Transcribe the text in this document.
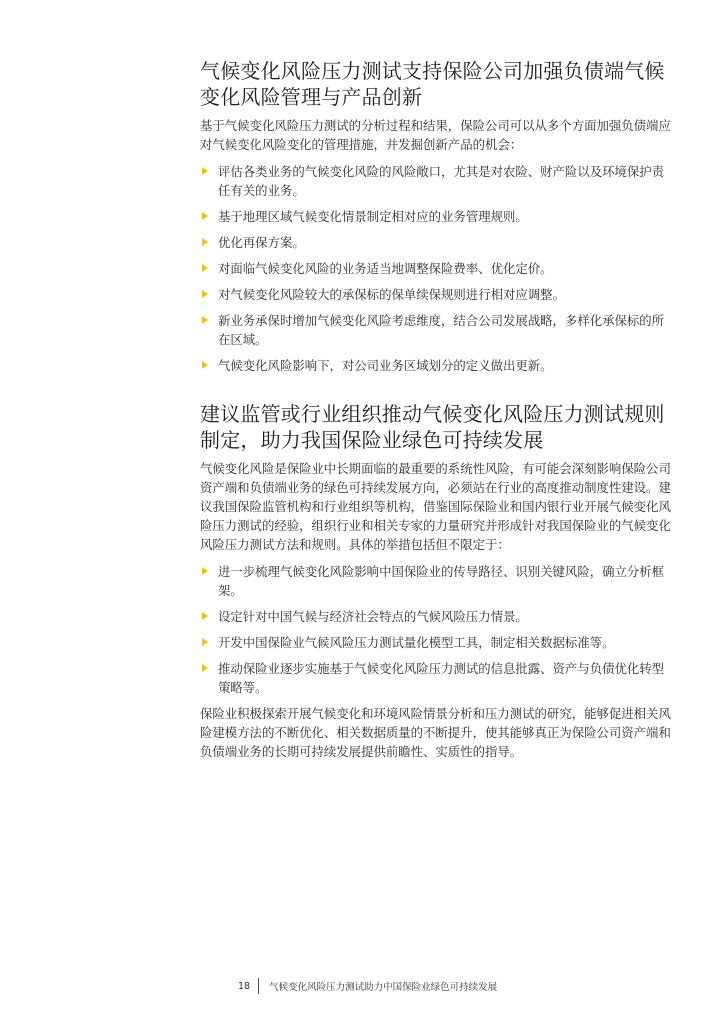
气候变化风险压力测试支持保险公司加强负债端气候变化风险管理与产品创新

基于气候变化风险压力测试的分析过程和结果，保险公司可以从多个方面加强负债端应对气候变化风险变化的管理措施，并发掘创新产品的机会：

评估各类业务的气候变化风险的风险敞口，尤其是对农险、财产险以及环境保护责任有关的业务。
基于地理区域气候变化情景制定相对应的业务管理规则。
优化再保方案。
对面临气候变化风险的业务适当地调整保险费率、优化定价。
对气候变化风险较大的承保标的保单续保规则进行相对应调整。
新业务承保时增加气候变化风险考虑维度，结合公司发展战略，多样化承保标的所在区域。
气候变化风险影响下，对公司业务区域划分的定义做出更新。
建议监管或行业组织推动气候变化风险压力测试规则制定，助力我国保险业绿色可持续发展

气候变化风险是保险业中长期面临的最重要的系统性风险，有可能会深刻影响保险公司资产端和负债端业务的绿色可持续发展方向，必须站在行业的高度推动制度性建设。建议我国保险监管机构和行业组织等机构，借鉴国际保险业和国内银行业开展气候变化风险压力测试的经验，组织行业和相关专家的力量研究并形成针对我国保险业的气候变化风险压力测试方法和规则。具体的举措包括但不限定于：

进一步梳理气候变化风险影响中国保险业的传导路径、识别关键风险，确立分析框架。
设定针对中国气候与经济社会特点的气候风险压力情景。
开发中国保险业气候风险压力测试量化模型工具，制定相关数据标准等。
推动保险业逐步实施基于气候变化风险压力测试的信息批露、资产与负债优化转型策略等。

保险业积极探索开展气候变化和环境风险情景分析和压力测试的研究，能够促进相关风险建模方法的不断优化、相关数据质量的不断提升，使其能够真正为保险公司资产端和负债端业务的长期可持续发展提供前瞻性、实质性的指导。

18 气候变化风险压力测试助力中国保险业绿色可持续发展
